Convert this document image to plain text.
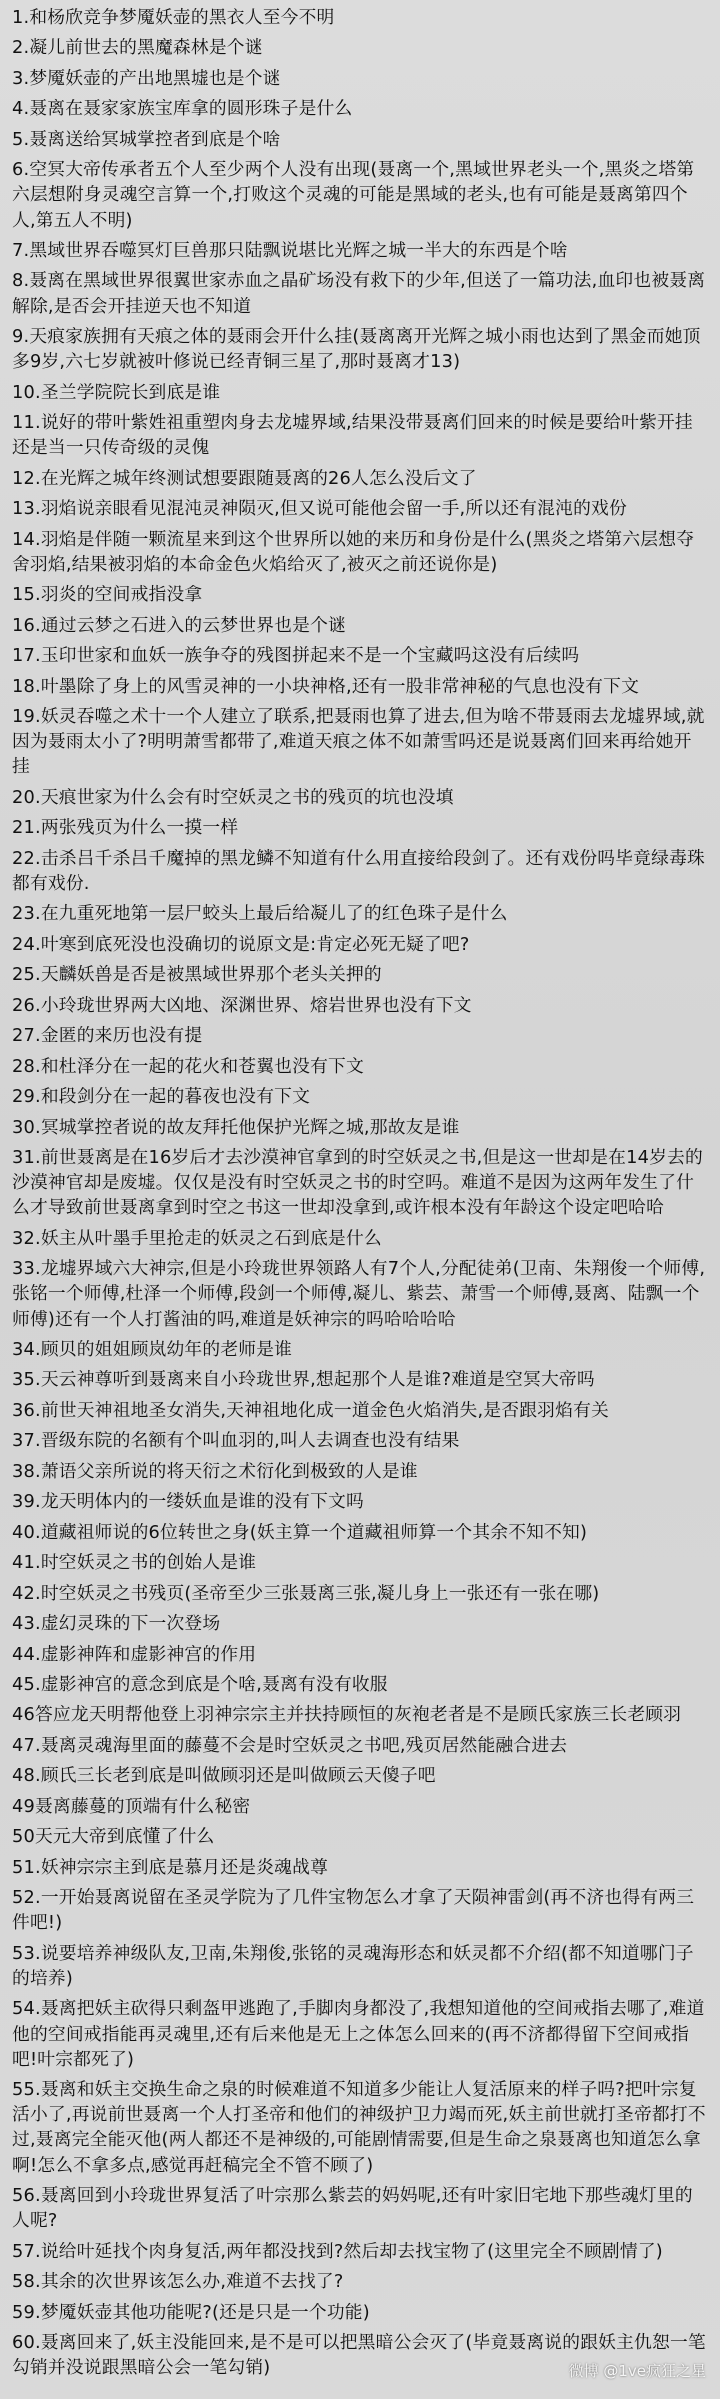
1.和杨欣竞争梦魇妖壶的黑衣人至今不明
2.凝儿前世去的黑魔森林是个谜
3.梦魇妖壶的产出地黑墟也是个谜
4.聂离在聂家家族宝库拿的圆形珠子是什么
5.聂离送给冥城掌控者到底是个啥
6.空冥大帝传承者五个人至少两个人没有出现(聂离一个,黑域世界老头一个,黑炎之塔第六层想附身灵魂空言算一个,打败这个灵魂的可能是黑域的老头,也有可能是聂离第四个人,第五人不明)
7.黑域世界吞噬冥灯巨兽那只陆飘说堪比光辉之城一半大的东西是个啥
8.聂离在黑域世界很翼世家赤血之晶矿场没有救下的少年,但送了一篇功法,血印也被聂离解除,是否会开挂逆天也不知道
9.天痕家族拥有天痕之体的聂雨会开什么挂(聂离离开光辉之城小雨也达到了黑金而她顶多9岁,六七岁就被叶修说已经青铜三星了,那时聂离才13)
10.圣兰学院院长到底是谁
11.说好的带叶紫姓祖重塑肉身去龙墟界域,结果没带聂离们回来的时候是要给叶紫开挂还是当一只传奇级的灵傀
12.在光辉之城年终测试想要跟随聂离的26人怎么没后文了
13.羽焰说亲眼看见混沌灵神陨灭,但又说可能他会留一手,所以还有混沌的戏份
14.羽焰是伴随一颗流星来到这个世界所以她的来历和身份是什么(黑炎之塔第六层想夺舍羽焰,结果被羽焰的本命金色火焰给灭了,被灭之前还说你是)
15.羽炎的空间戒指没拿
16.通过云梦之石进入的云梦世界也是个谜
17.玉印世家和血妖一族争夺的残图拼起来不是一个宝藏吗这没有后续吗
18.叶墨除了身上的风雪灵神的一小块神格,还有一股非常神秘的气息也没有下文
19.妖灵吞噬之术十一个人建立了联系,把聂雨也算了进去,但为啥不带聂雨去龙墟界域,就因为聂雨太小了?明明萧雪都带了,难道天痕之体不如萧雪吗还是说聂离们回来再给她开挂
20.天痕世家为什么会有时空妖灵之书的残页的坑也没填
21.两张残页为什么一摸一样
22.击杀吕千杀吕千魔掉的黑龙鳞不知道有什么用直接给段剑了。还有戏份吗毕竟绿毒珠都有戏份.
23.在九重死地第一层尸蛟头上最后给凝儿了的红色珠子是什么
24.叶寒到底死没也没确切的说原文是:肯定必死无疑了吧?
25.天麟妖兽是否是被黑域世界那个老头关押的
26.小玲珑世界两大凶地、深渊世界、熔岩世界也没有下文
27.金匿的来历也没有提
28.和杜泽分在一起的花火和苍翼也没有下文
29.和段剑分在一起的暮夜也没有下文
30.冥城掌控者说的故友拜托他保护光辉之城,那故友是谁
31.前世聂离是在16岁后才去沙漠神官拿到的时空妖灵之书,但是这一世却是在14岁去的沙漠神官却是废墟。仅仅是没有时空妖灵之书的时空吗。难道不是因为这两年发生了什么才导致前世聂离拿到时空之书这一世却没拿到,或许根本没有年龄这个设定吧哈哈
32.妖主从叶墨手里抢走的妖灵之石到底是什么
33.龙墟界域六大神宗,但是小玲珑世界领路人有7个人,分配徒弟(卫南、朱翔俊一个师傅,张铭一个师傅,杜泽一个师傅,段剑一个师傅,凝儿、紫芸、萧雪一个师傅,聂离、陆飘一个师傅)还有一个人打酱油的吗,难道是妖神宗的吗哈哈哈哈
34.顾贝的姐姐顾岚幼年的老师是谁
35.天云神尊听到聂离来自小玲珑世界,想起那个人是谁?难道是空冥大帝吗
36.前世天神祖地圣女消失,天神祖地化成一道金色火焰消失,是否跟羽焰有关
37.晋级东院的名额有个叫血羽的,叫人去调查也没有结果
38.萧语父亲所说的将天衍之术衍化到极致的人是谁
39.龙天明体内的一缕妖血是谁的没有下文吗
40.道藏祖师说的6位转世之身(妖主算一个道藏祖师算一个其余不知不知)
41.时空妖灵之书的创始人是谁
42.时空妖灵之书残页(圣帝至少三张聂离三张,凝儿身上一张还有一张在哪)
43.虚幻灵珠的下一次登场
44.虚影神阵和虚影神宫的作用
45.虚影神宫的意念到底是个啥,聂离有没有收服
46答应龙天明帮他登上羽神宗宗主并扶持顾恒的灰袍老者是不是顾氏家族三长老顾羽
47.聂离灵魂海里面的藤蔓不会是时空妖灵之书吧,残页居然能融合进去
48.顾氏三长老到底是叫做顾羽还是叫做顾云天傻子吧
49聂离藤蔓的顶端有什么秘密
50天元大帝到底懂了什么
51.妖神宗宗主到底是慕月还是炎魂战尊
52.一开始聂离说留在圣灵学院为了几件宝物怎么才拿了天陨神雷剑(再不济也得有两三件吧!)
53.说要培养神级队友,卫南,朱翔俊,张铭的灵魂海形态和妖灵都不介绍(都不知道哪门子的培养)
54.聂离把妖主砍得只剩盔甲逃跑了,手脚肉身都没了,我想知道他的空间戒指去哪了,难道他的空间戒指能再灵魂里,还有后来他是无上之体怎么回来的(再不济都得留下空间戒指吧!叶宗都死了)
55.聂离和妖主交换生命之泉的时候难道不知道多少能让人复活原来的样子吗?把叶宗复活小了,再说前世聂离一个人打圣帝和他们的神级护卫力竭而死,妖主前世就打圣帝都打不过,聂离完全能灭他(两人都还不是神级的,可能剧情需要,但是生命之泉聂离也知道怎么拿啊!怎么不拿多点,感觉再赶稿完全不管不顾了)
56.聂离回到小玲珑世界复活了叶宗那么紫芸的妈妈呢,还有叶家旧宅地下那些魂灯里的人呢?
57.说给叶延找个肉身复活,两年都没找到?然后却去找宝物了(这里完全不顾剧情了)
58.其余的次世界该怎么办,难道不去找了?
59.梦魇妖壶其他功能呢?(还是只是一个功能)
60.聂离回来了,妖主没能回来,是不是可以把黑暗公会灭了(毕竟聂离说的跟妖主仇恕一笔勾销并没说跟黑暗公会一笔勾销)	微博 @1ve疯狂之星
